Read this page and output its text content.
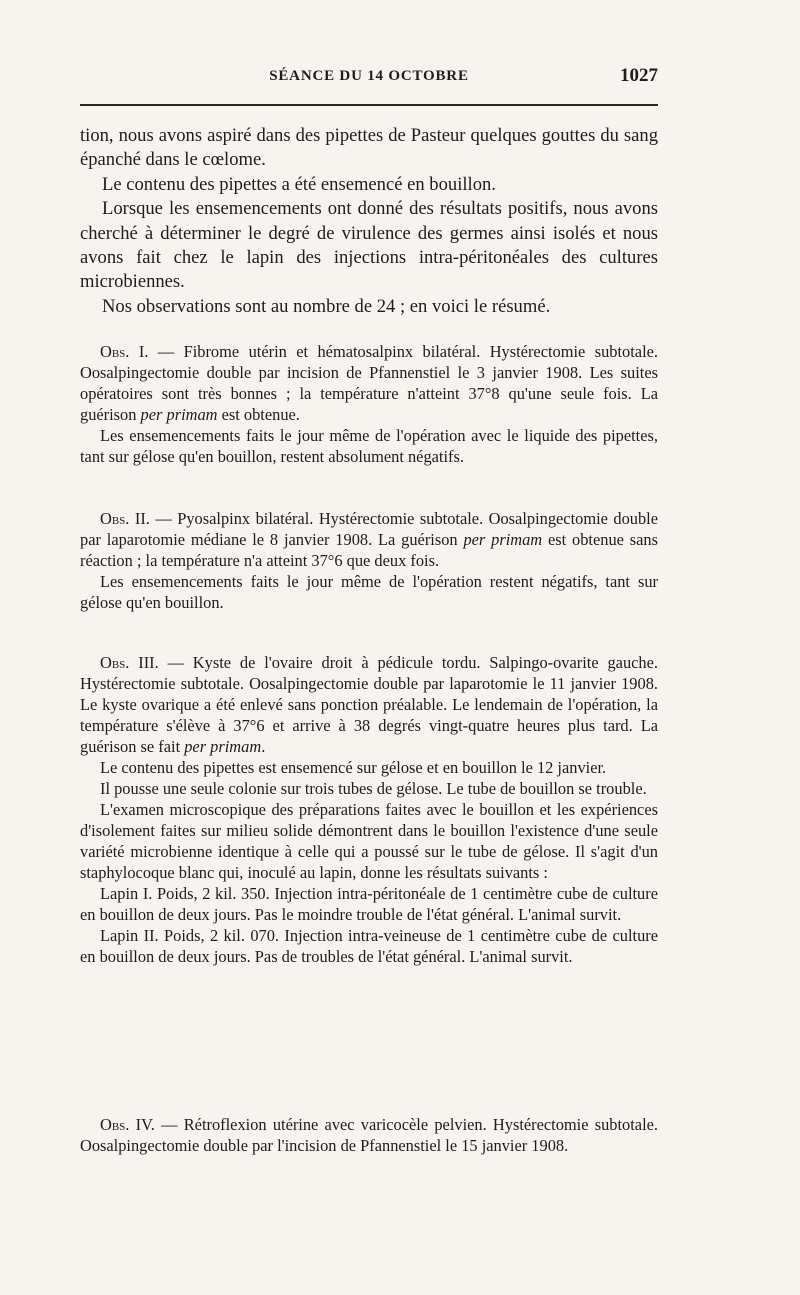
SÉANCE DU 14 OCTOBRE	1027

tion, nous avons aspiré dans des pipettes de Pasteur quelques gouttes du sang épanché dans le cœlome.

Le contenu des pipettes a été ensemencé en bouillon.

Lorsque les ensemencements ont donné des résultats positifs, nous avons cherché à déterminer le degré de virulence des germes ainsi isolés et nous avons fait chez le lapin des injections intra-péritonéales des cultures microbiennes.

Nos observations sont au nombre de 24 ; en voici le résumé.

Obs. I. — Fibrome utérin et hématosalpinx bilatéral. Hystérectomie subtotale. Oosalpingectomie double par incision de Pfannenstiel le 3 janvier 1908. Les suites opératoires sont très bonnes ; la température n'atteint 37°8 qu'une seule fois. La guérison per primam est obtenue.

Les ensemencements faits le jour même de l'opération avec le liquide des pipettes, tant sur gélose qu'en bouillon, restent absolument négatifs.

Obs. II. — Pyosalpinx bilatéral. Hystérectomie subtotale. Oosalpingectomie double par laparotomie médiane le 8 janvier 1908. La guérison per primam est obtenue sans réaction ; la température n'a atteint 37°6 que deux fois.

Les ensemencements faits le jour même de l'opération restent négatifs, tant sur gélose qu'en bouillon.

Obs. III. — Kyste de l'ovaire droit à pédicule tordu. Salpingo-ovarite gauche. Hystérectomie subtotale. Oosalpingectomie double par laparotomie le 11 janvier 1908. Le kyste ovarique a été enlevé sans ponction préalable. Le lendemain de l'opération, la température s'élève à 37°6 et arrive à 38 degrés vingt-quatre heures plus tard. La guérison se fait per primam.

Le contenu des pipettes est ensemencé sur gélose et en bouillon le 12 janvier.

Il pousse une seule colonie sur trois tubes de gélose. Le tube de bouillon se trouble.

L'examen microscopique des préparations faites avec le bouillon et les expériences d'isolement faites sur milieu solide démontrent dans le bouillon l'existence d'une seule variété microbienne identique à celle qui a poussé sur le tube de gélose. Il s'agit d'un staphylocoque blanc qui, inoculé au lapin, donne les résultats suivants :

Lapin I. Poids, 2 kil. 350. Injection intra-péritonéale de 1 centimètre cube de culture en bouillon de deux jours. Pas le moindre trouble de l'état général. L'animal survit.

Lapin II. Poids, 2 kil. 070. Injection intra-veineuse de 1 centimètre cube de culture en bouillon de deux jours. Pas de troubles de l'état général. L'animal survit.

Obs. IV. — Rétroflexion utérine avec varicocèle pelvien. Hystérectomie subtotale. Oosalpingectomie double par l'incision de Pfannenstiel le 15 janvier 1908.
